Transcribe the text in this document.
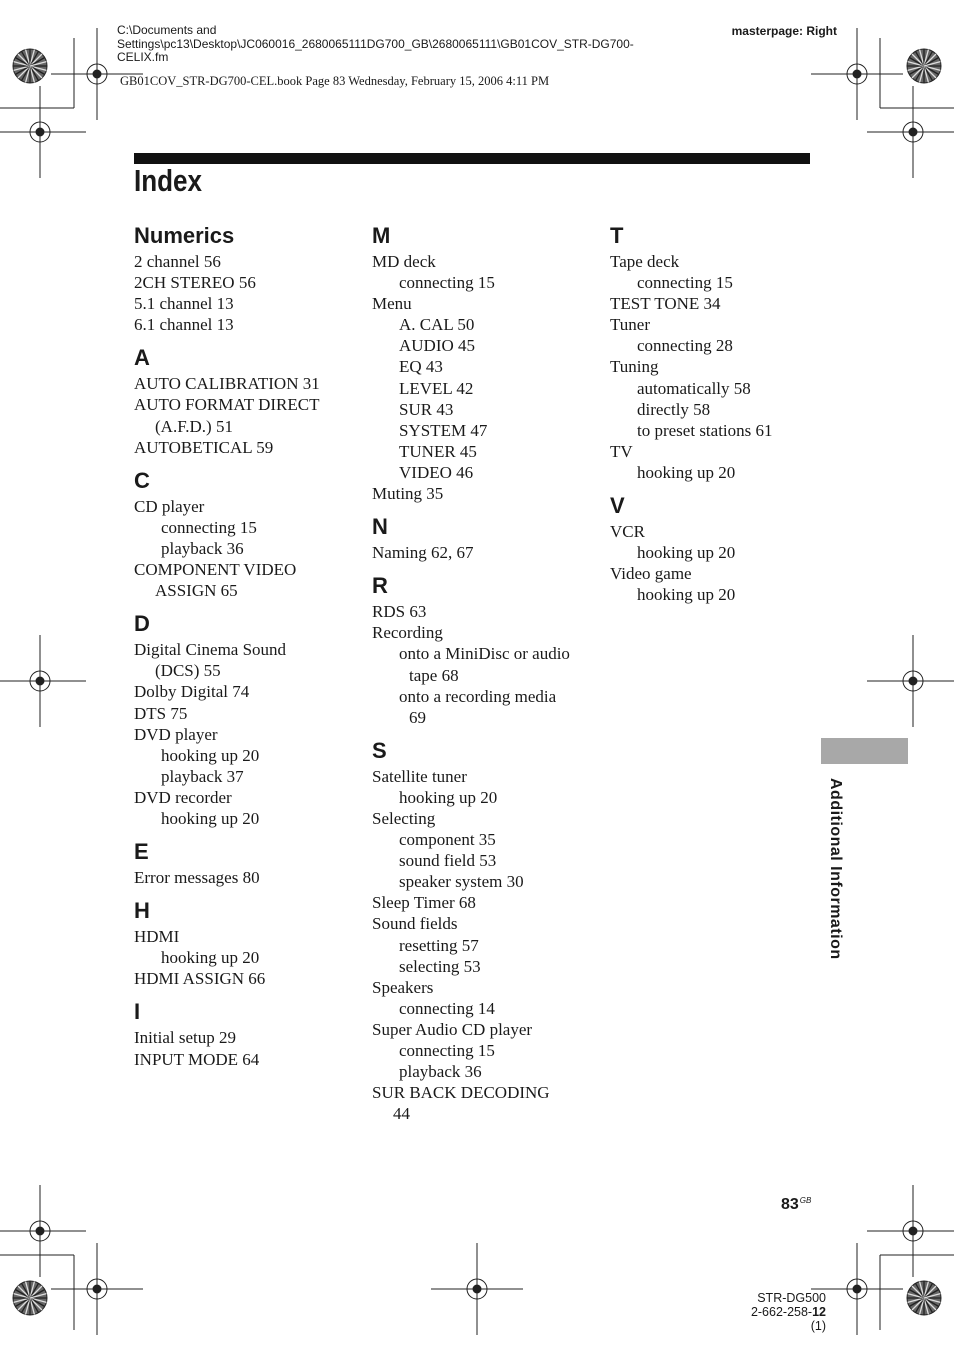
C:\Documents and
Settings\pc13\Desktop\JC060016_2680065111DG700_GB\2680065111\GB01COV_STR-DG700-
CELIX.fm
masterpage: Right
GB01COV_STR-DG700-CEL.book Page 83 Wednesday, February 15, 2006 4:11 PM
Index
Numerics
2 channel 56
2CH STEREO 56
5.1 channel 13
6.1 channel 13
A
AUTO CALIBRATION 31
AUTO FORMAT DIRECT
(A.F.D.) 51
AUTOBETICAL 59
C
CD player
connecting 15
playback 36
COMPONENT VIDEO
ASSIGN 65
D
Digital Cinema Sound
(DCS) 55
Dolby Digital 74
DTS 75
DVD player
hooking up 20
playback 37
DVD recorder
hooking up 20
E
Error messages 80
H
HDMI
hooking up 20
HDMI ASSIGN 66
I
Initial setup 29
INPUT MODE 64
M
MD deck
connecting 15
Menu
A. CAL 50
AUDIO 45
EQ 43
LEVEL 42
SUR 43
SYSTEM 47
TUNER 45
VIDEO 46
Muting 35
N
Naming 62, 67
R
RDS 63
Recording
onto a MiniDisc or audio
tape 68
onto a recording media
69
S
Satellite tuner
hooking up 20
Selecting
component 35
sound field 53
speaker system 30
Sleep Timer 68
Sound fields
resetting 57
selecting 53
Speakers
connecting 14
Super Audio CD player
connecting 15
playback 36
SUR BACK DECODING
44
T
Tape deck
connecting 15
TEST TONE 34
Tuner
connecting 28
Tuning
automatically 58
directly 58
to preset stations 61
TV
hooking up 20
V
VCR
hooking up 20
Video game
hooking up 20
Additional Information
$83^{GB}$
STR-DG500
2-662-258-12 (1)
